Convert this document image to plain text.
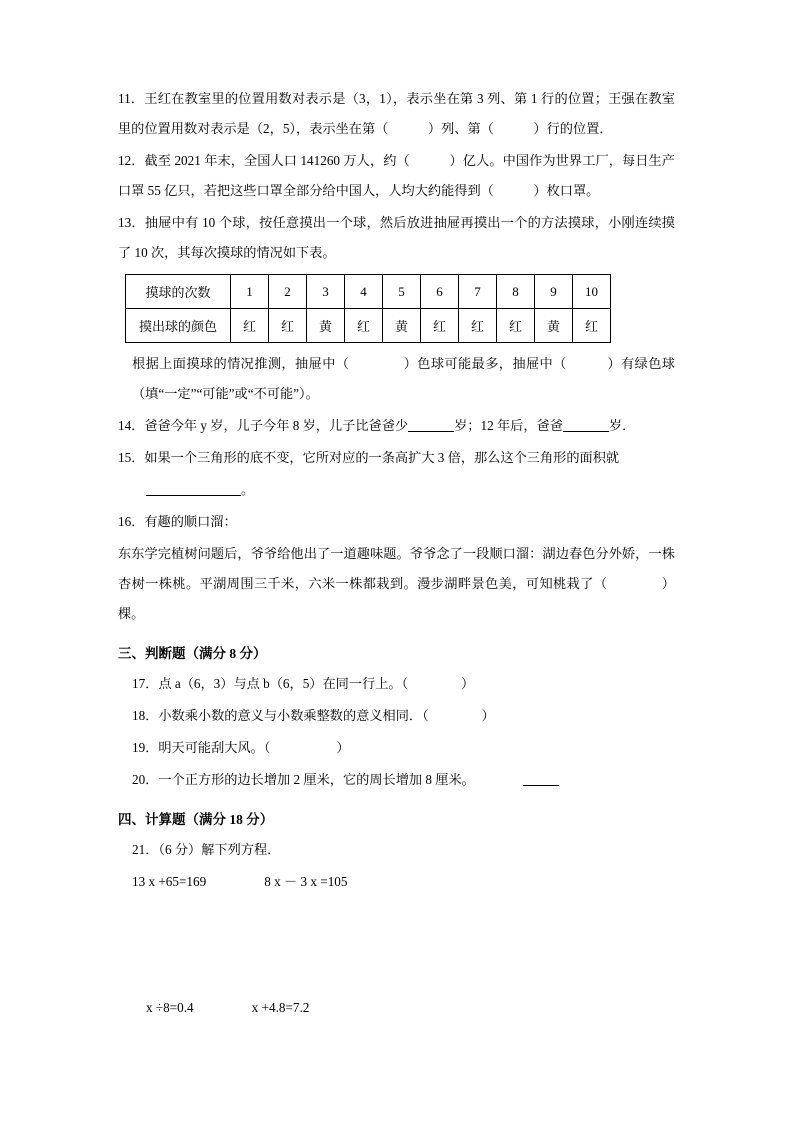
11．王红在教室里的位置用数对表示是（3，1），表示坐在第 3 列、第 1 行的位置；王强在教室里的位置用数对表示是（2，5），表示坐在第（　　　）列、第（　　　）行的位置．

12．截至 2021 年末，全国人口 141260 万人，约（　　　）亿人。中国作为世界工厂，每日生产口罩 55 亿只，若把这些口罩全部分给中国人，人均大约能得到（　　　）枚口罩。

13．抽屉中有 10 个球，按任意摸出一个球，然后放进抽屉再摸出一个的方法摸球，小刚连续摸了 10 次，其每次摸球的情况如下表。

摸球的次数	1	2	3	4	5	6	7	8	9	10
摸出球的颜色	红	红	黄	红	黄	红	红	红	黄	红

根据上面摸球的情况推测，抽屉中（　　　　）色球可能最多，抽屉中（　　　）有绿色球（填“一定”“可能”或“不可能”）。

14．爸爸今年 y 岁，儿子今年 8 岁，儿子比爸爸少	岁；12 年后，爸爸	岁．

15．如果一个三角形的底不变，它所对应的一条高扩大 3 倍，那么这个三角形的面积就

。

16．有趣的顺口溜：

东东学完植树问题后，爷爷给他出了一道趣味题。爷爷念了一段顺口溜：湖边春色分外娇，一株杏树一株桃。平湖周围三千米，六米一株都栽到。漫步湖畔景色美，可知桃栽了（　　　　）棵。

三、判断题（满分 8 分）

17．点 a（6，3）与点 b（6，5）在同一行上。（　　　　）

18．小数乘小数的意义与小数乘整数的意义相同．（　　　　）

19．明天可能刮大风。（　　　　　）

20．一个正方形的边长增加 2 厘米，它的周长增加 8 厘米。

四、计算题（满分 18 分）

21．（6 分）解下列方程．

13 x +65=169	8 x － 3 x =105

x ÷8=0.4	x +4.8=7.2
